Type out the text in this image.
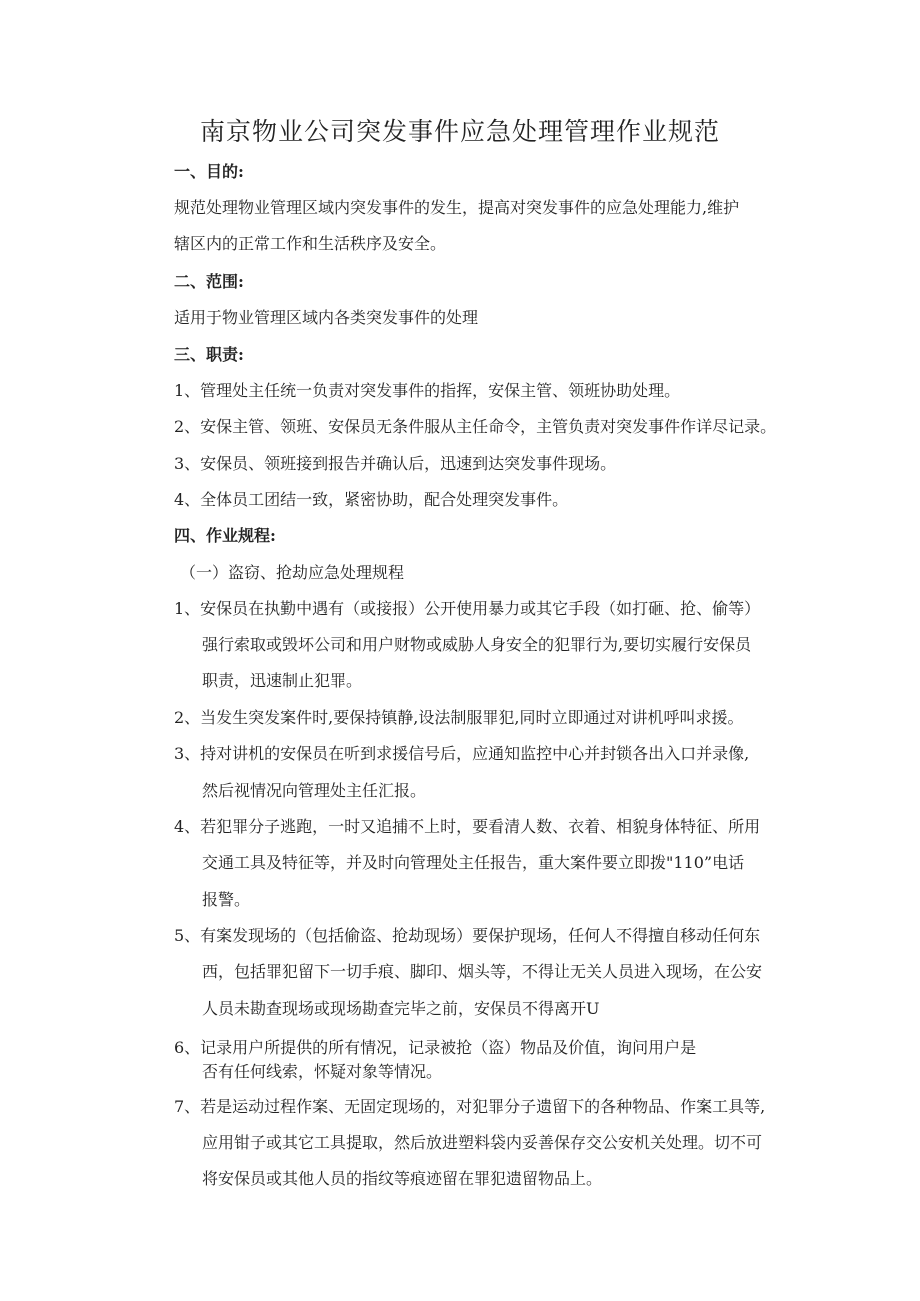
南京物业公司突发事件应急处理管理作业规范
一、目的:
规范处理物业管理区域内突发事件的发生，提高对突发事件的应急处理能力,维护
辖区内的正常工作和生活秩序及安全。
二、范围:
适用于物业管理区域内各类突发事件的处理
三、职责:
1、管理处主任统一负责对突发事件的指挥，安保主管、领班协助处理。
2、安保主管、领班、安保员无条件服从主任命令，主管负责对突发事件作详尽记录。
3、安保员、领班接到报告并确认后，迅速到达突发事件现场。
4、全体员工团结一致，紧密协助，配合处理突发事件。
四、作业规程:
（一）盗窃、抢劫应急处理规程
1、安保员在执勤中遇有（或接报）公开使用暴力或其它手段（如打砸、抢、偷等）
强行索取或毁坏公司和用户财物或威胁人身安全的犯罪行为,要切实履行安保员
职责，迅速制止犯罪。
2、当发生突发案件时,要保持镇静,设法制服罪犯,同时立即通过对讲机呼叫求援。
3、持对讲机的安保员在听到求援信号后，应通知监控中心并封锁各出入口并录像,
然后视情况向管理处主任汇报。
4、若犯罪分子逃跑，一时又追捕不上时，要看清人数、衣着、相貌身体特征、所用
交通工具及特征等，并及时向管理处主任报告，重大案件要立即拨"110”电话
报警。
5、有案发现场的（包括偷盗、抢劫现场）要保护现场，任何人不得擅自移动任何东
西，包括罪犯留下一切手痕、脚印、烟头等，不得让无关人员进入现场，在公安
人员未勘查现场或现场勘查完毕之前，安保员不得离开U
6、记录用户所提供的所有情况，记录被抢（盗）物品及价值，询问用户是
否有任何线索，怀疑对象等情况。
7、若是运动过程作案、无固定现场的，对犯罪分子遗留下的各种物品、作案工具等,
应用钳子或其它工具提取，然后放进塑料袋内妥善保存交公安机关处理。切不可
将安保员或其他人员的指纹等痕迹留在罪犯遗留物品上。
